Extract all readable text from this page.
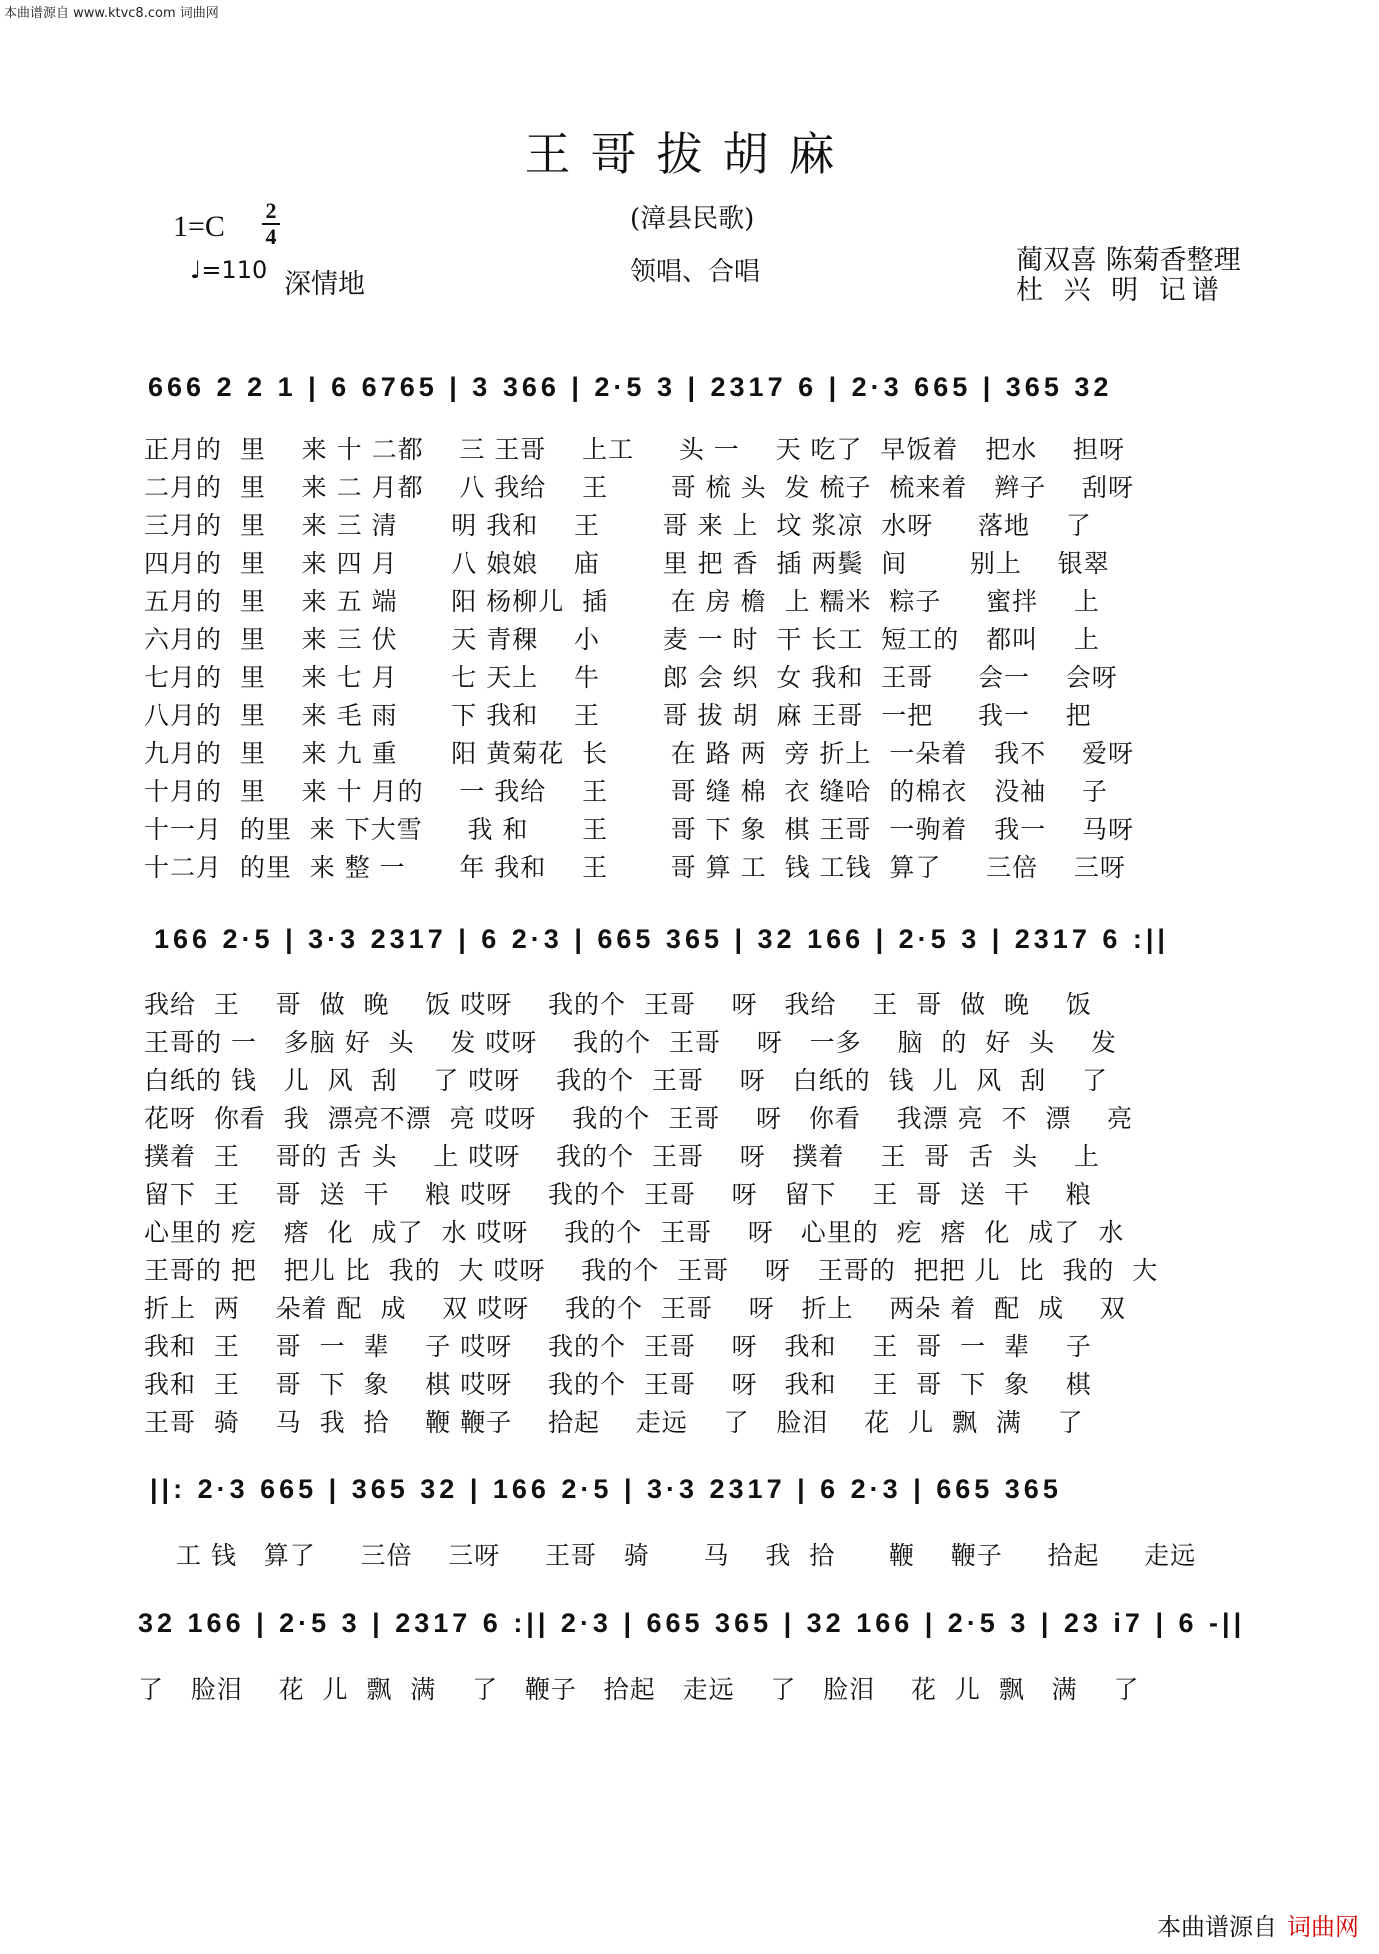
本曲谱源自 www.ktvc8.com 词曲网
王哥拔胡麻
(漳县民歌)
1=C 2
4
♩=110 深情地	领唱、合唱	蔺双喜 陈菊香整理
杜 兴 明 记谱
666 2 2 1 | 6 6765 | 3 366 | 2·5 3 | 2317 6 | 2·3 665 | 365 32
正月的  里    来 十 二都    三 王哥    上工     头 一    天 吃了  早饭着   把水    担呀
二月的  里    来 二 月都    八 我给    王       哥 梳 头  发 梳子  梳来着   辫子    刮呀
三月的  里    来 三 清      明 我和    王       哥 来 上  坟 浆凉  水呀     落地    了
四月的  里    来 四 月      八 娘娘    庙       里 把 香  插 两鬓  间       别上    银翠
五月的  里    来 五 端      阳 杨柳儿  插       在 房 檐  上 糯米  粽子     蜜拌    上
六月的  里    来 三 伏      天 青稞    小       麦 一 时  干 长工  短工的   都叫    上
七月的  里    来 七 月      七 天上    牛       郎 会 织  女 我和  王哥     会一    会呀
八月的  里    来 毛 雨      下 我和    王       哥 拔 胡  麻 王哥  一把     我一    把
九月的  里    来 九 重      阳 黄菊花  长       在 路 两  旁 折上  一朵着   我不    爱呀
十月的  里    来 十 月的    一 我给    王       哥 缝 棉  衣 缝哈  的棉衣   没袖    子
十一月  的里  来 下大雪     我 和      王       哥 下 象  棋 王哥  一驹着   我一    马呀
十二月  的里  来 整 一      年 我和    王       哥 算 工  钱 工钱  算了     三倍    三呀
166 2·5 | 3·3 2317 | 6 2·3 | 665 365 | 32 166 | 2·5 3 | 2317 6 :||
我给  王    哥  做  晚    饭 哎呀    我的个  王哥    呀   我给    王  哥  做  晚    饭
王哥的 一   多脑 好  头    发 哎呀    我的个  王哥    呀   一多    脑  的  好  头    发
白纸的 钱   儿  风  刮    了 哎呀    我的个  王哥    呀   白纸的  钱  儿  风  刮    了
花呀  你看  我  漂亮不漂  亮 哎呀    我的个  王哥    呀   你看    我漂 亮  不  漂    亮
撲着  王    哥的 舌 头    上 哎呀    我的个  王哥    呀   撲着    王  哥  舌  头    上
留下  王    哥  送  干    粮 哎呀    我的个  王哥    呀   留下    王  哥  送  干    粮
心里的 疙   瘩  化  成了  水 哎呀    我的个  王哥    呀   心里的  疙  瘩  化  成了  水
王哥的 把   把儿 比  我的  大 哎呀    我的个  王哥    呀   王哥的  把把 儿  比  我的  大
折上  两    朵着 配  成    双 哎呀    我的个  王哥    呀   折上    两朵 着  配  成    双
我和  王    哥  一  辈    子 哎呀    我的个  王哥    呀   我和    王  哥  一  辈    子
我和  王    哥  下  象    棋 哎呀    我的个  王哥    呀   我和    王  哥  下  象    棋
王哥  骑    马  我  拾    鞭 鞭子    拾起    走远    了   脸泪    花  儿  飘  满    了
||: 2·3 665 | 365 32 | 166 2·5 | 3·3 2317 | 6 2·3 | 665 365
工 钱   算了     三倍    三呀     王哥   骑      马    我  拾      鞭    鞭子     拾起     走远
32 166 | 2·5 3 | 2317 6 :|| 2·3 | 665 365 | 32 166 | 2·5 3 | 23 i7 | 6 -||
了   脸泪    花  儿  飘  满    了   鞭子   拾起   走远    了   脸泪    花  儿  飘   满    了
本曲谱源自 词曲网
